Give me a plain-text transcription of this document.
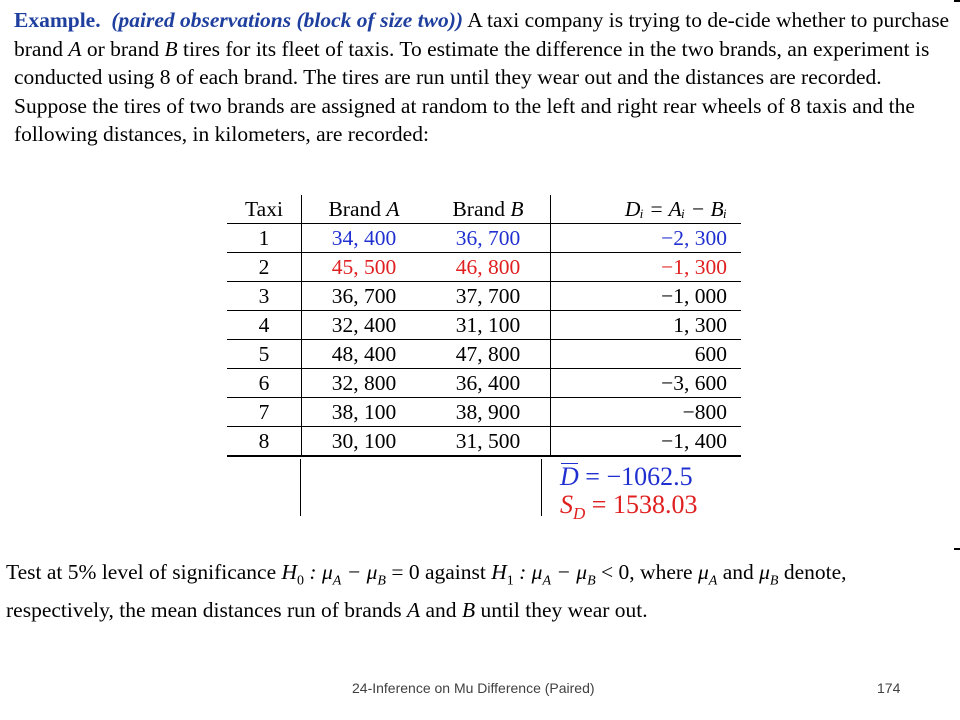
Example. (paired observations (block of size two)) A taxi company is trying to de-cide whether to purchase brand A or brand B tires for its fleet of taxis. To estimate the difference in the two brands, an experiment is conducted using 8 of each brand. The tires are run until they wear out and the distances are recorded. Suppose the tires of two brands are assigned at random to the left and right rear wheels of 8 taxis and the following distances, in kilometers, are recorded:
Taxi	Brand A	Brand B	Dᵢ = Aᵢ − Bᵢ
1	34, 400	36, 700	−2, 300
2	45, 500	46, 800	−1, 300
3	36, 700	37, 700	−1, 000
4	32, 400	31, 100	1, 300
5	48, 400	47, 800	600
6	32, 800	36, 400	−3, 600
7	38, 100	38, 900	−800
8	30, 100	31, 500	−1, 400
D = −1062.5
$S_D = 1538.03$
Test at 5% level of significance $H_0$ : $\mu_A - \mu_B = 0$ against $H_1$ : $\mu_A - \mu_B < 0$, where $\mu_A$ and $\mu_B$ denote, respectively, the mean distances run of brands A and B until they wear out.
24-Inference on Mu Difference (Paired)	174
